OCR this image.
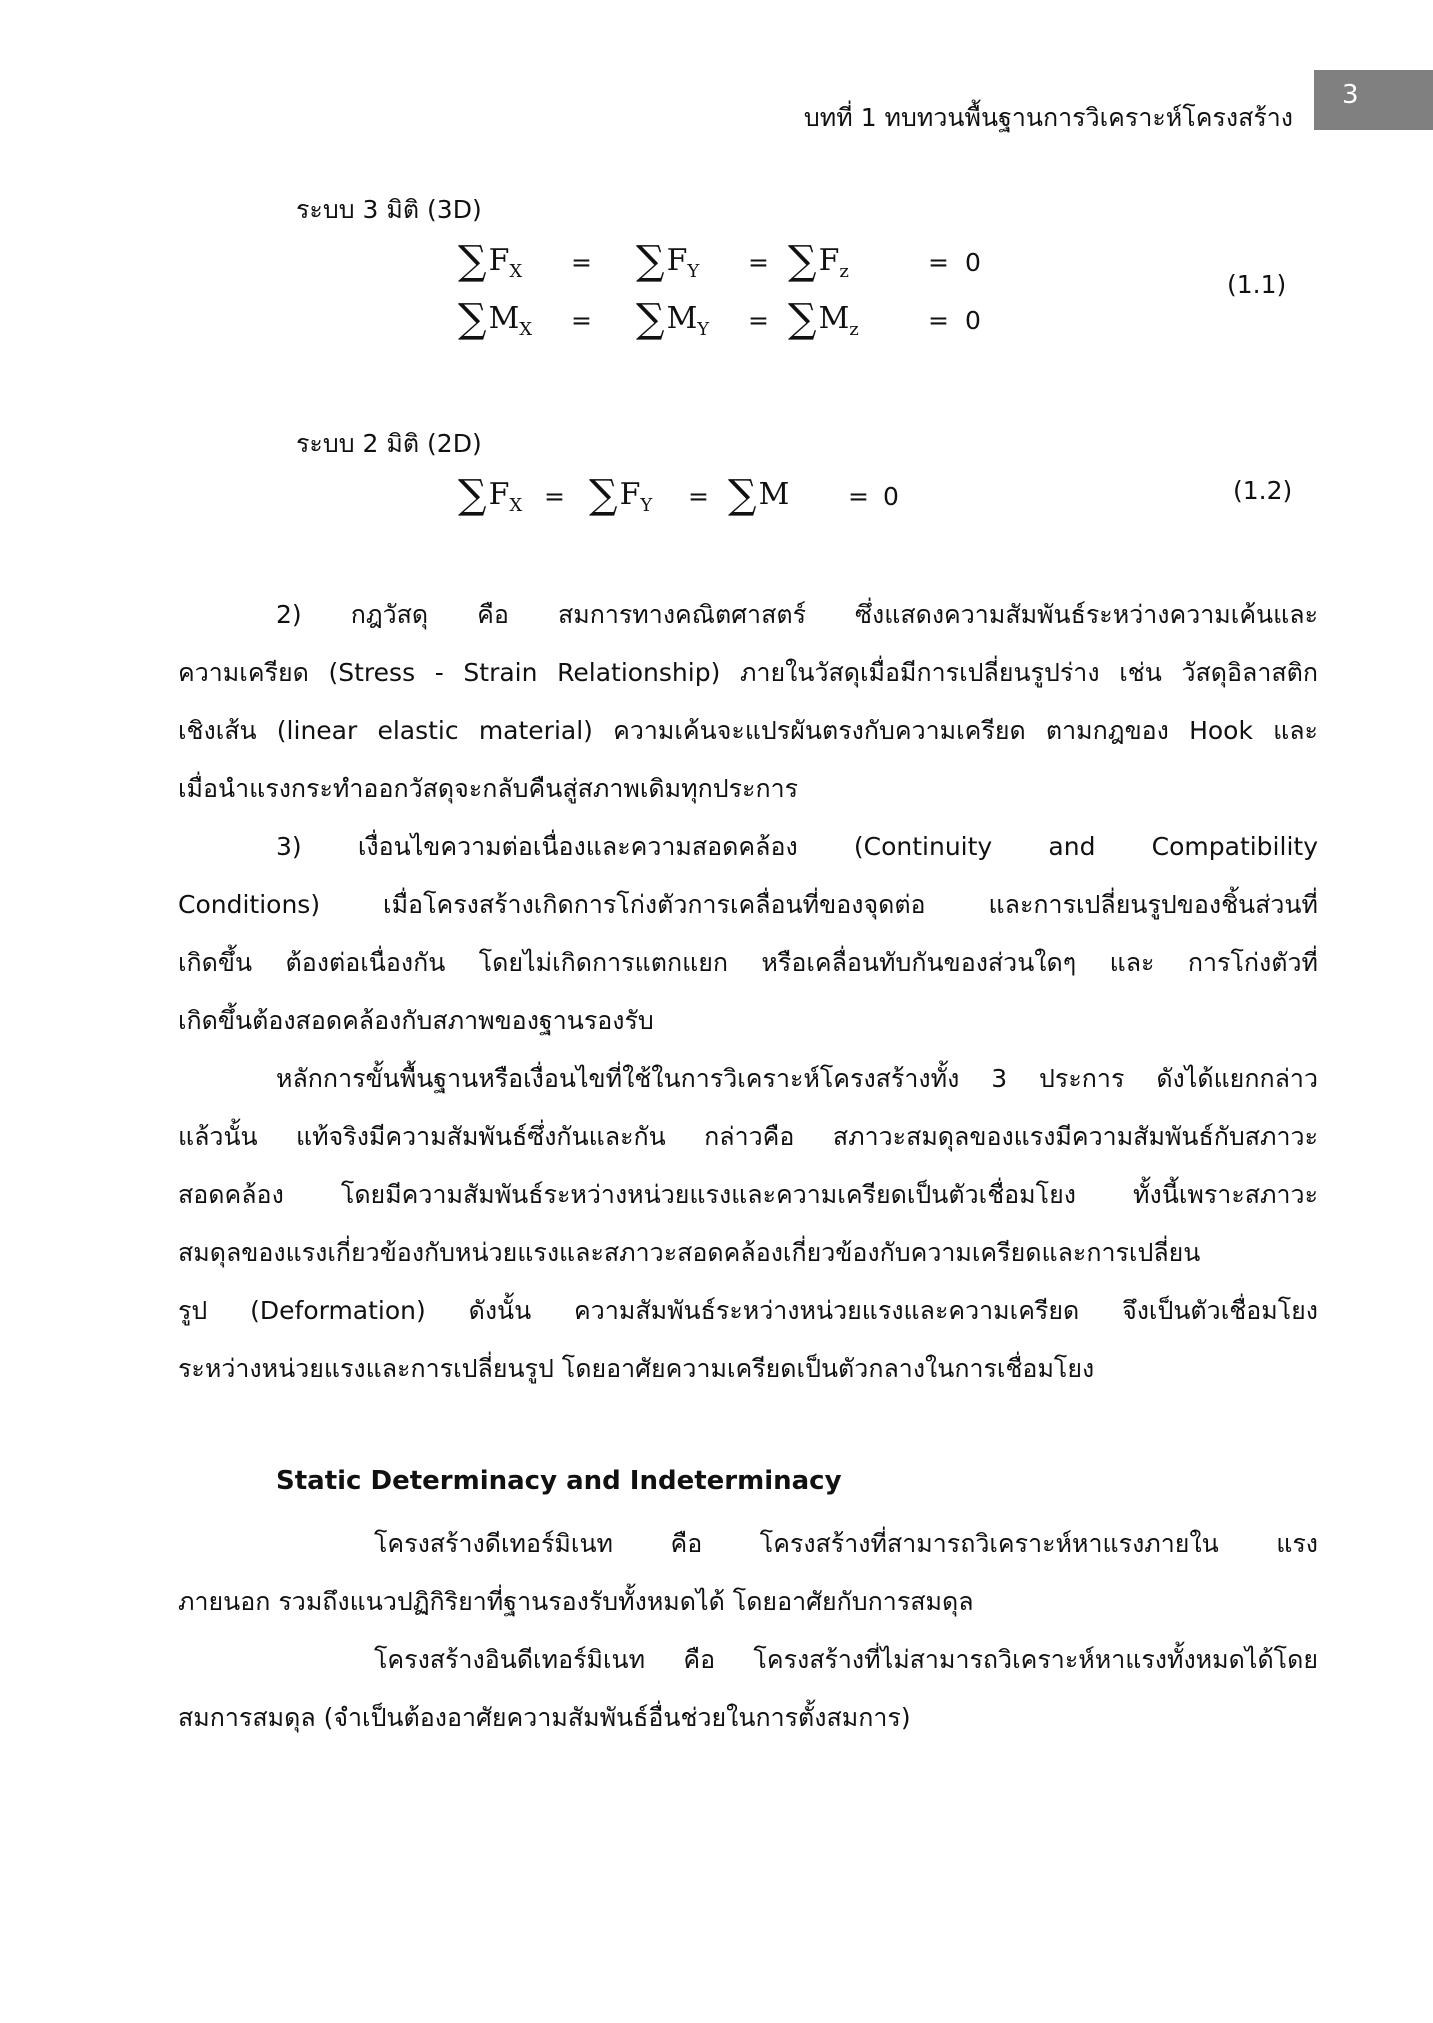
บทที่ 1 ทบทวนพื้นฐานการวิเคราะห์โครงสร้าง
3
ระบบ 3 มิติ (3D)
$\sum F_X = \sum F_Y = \sum F_z$	= 0
$\sum M_X = \sum M_Y = \sum M_z$	= 0
(1.1)
ระบบ 2 มิติ (2D)
$\sum F_X = \sum F_Y = \sum M = 0$	(1.2)
2) กฎวัสดุ คือ สมการทางคณิตศาสตร์ ซึ่งแสดงความสัมพันธ์ระหว่างความเค้นและ
ความเครียด (Stress - Strain Relationship) ภายในวัสดุเมื่อมีการเปลี่ยนรูปร่าง เช่น วัสดุอิลาสติก
เชิงเส้น (linear elastic material) ความเค้นจะแปรผันตรงกับความเครียด ตามกฎของ Hook และ
เมื่อนำแรงกระทำออกวัสดุจะกลับคืนสู่สภาพเดิมทุกประการ
3) เงื่อนไขความต่อเนื่องและความสอดคล้อง (Continuity and Compatibility
Conditions) เมื่อโครงสร้างเกิดการโก่งตัวการเคลื่อนที่ของจุดต่อ และการเปลี่ยนรูปของชิ้นส่วนที่
เกิดขึ้น ต้องต่อเนื่องกัน โดยไม่เกิดการแตกแยก หรือเคลื่อนทับกันของส่วนใดๆ และ การโก่งตัวที่
เกิดขึ้นต้องสอดคล้องกับสภาพของฐานรองรับ
หลักการขั้นพื้นฐานหรือเงื่อนไขที่ใช้ในการวิเคราะห์โครงสร้างทั้ง 3 ประการ ดังได้แยกกล่าว
แล้วนั้น แท้จริงมีความสัมพันธ์ซึ่งกันและกัน กล่าวคือ สภาวะสมดุลของแรงมีความสัมพันธ์กับสภาวะ
สอดคล้อง โดยมีความสัมพันธ์ระหว่างหน่วยแรงและความเครียดเป็นตัวเชื่อมโยง ทั้งนี้เพราะสภาวะ
สมดุลของแรงเกี่ยวข้องกับหน่วยแรงและสภาวะสอดคล้องเกี่ยวข้องกับความเครียดและการเปลี่ยน
รูป (Deformation) ดังนั้น ความสัมพันธ์ระหว่างหน่วยแรงและความเครียด จึงเป็นตัวเชื่อมโยง
ระหว่างหน่วยแรงและการเปลี่ยนรูป โดยอาศัยความเครียดเป็นตัวกลางในการเชื่อมโยง
Static Determinacy and Indeterminacy
โครงสร้างดีเทอร์มิเนท คือ โครงสร้างที่สามารถวิเคราะห์หาแรงภายใน แรง
ภายนอก รวมถึงแนวปฏิกิริยาที่ฐานรองรับทั้งหมดได้ โดยอาศัยกับการสมดุล
โครงสร้างอินดีเทอร์มิเนท คือ โครงสร้างที่ไม่สามารถวิเคราะห์หาแรงทั้งหมดได้โดย
สมการสมดุล (จำเป็นต้องอาศัยความสัมพันธ์อื่นช่วยในการตั้งสมการ)
